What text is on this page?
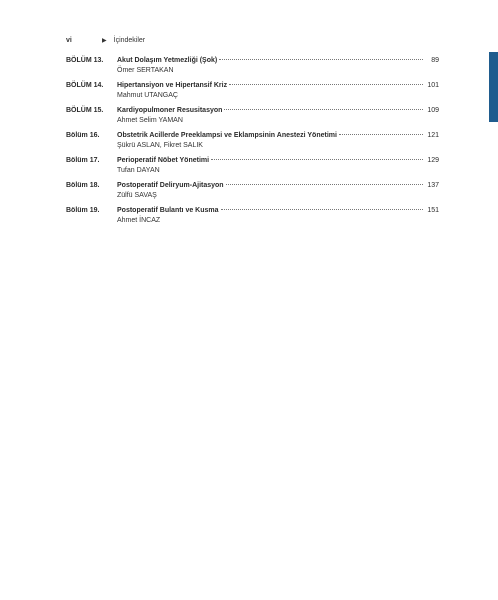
vi	▶ İçindekiler
BÖLÜM 13.	Akut Dolaşım Yetmezliği (Şok)	89
Ömer SERTAKAN
BÖLÜM 14.	Hipertansiyon ve Hipertansif Kriz	101
Mahmut UTANGAÇ
BÖLÜM 15.	Kardiyopulmoner Resusitasyon	109
Ahmet Selim YAMAN
Bölüm 16.	Obstetrik Acillerde Preeklampsi ve Eklampsinin Anestezi Yönetimi	121
Şükrü ASLAN, Fikret SALIK
Bölüm 17.	Perioperatif Nöbet Yönetimi	129
Tufan DAYAN
Bölüm 18.	Postoperatif Deliryum-Ajitasyon	137
Zülfü SAVAŞ
Bölüm 19.	Postoperatif Bulantı ve Kusma	151
Ahmet İNCAZ
